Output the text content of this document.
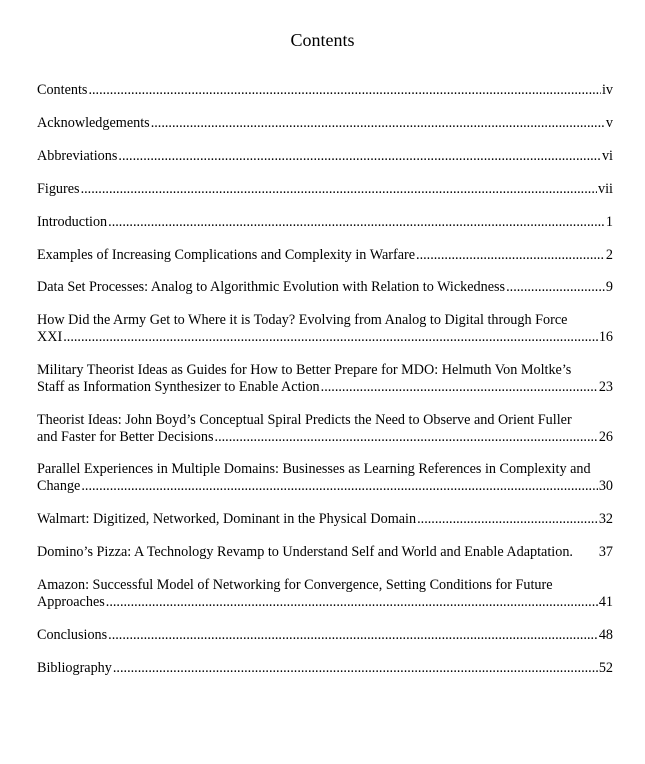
Contents
Contents .....	iv
Acknowledgements .....	v
Abbreviations .....	vi
Figures .....	vii
Introduction .....	1
Examples of Increasing Complications and Complexity in Warfare .....	2
Data Set Processes: Analog to Algorithmic Evolution with Relation to Wickedness .....	9
How Did the Army Get to Where it is Today? Evolving from Analog to Digital through Force
XXI .....	16
Military Theorist Ideas as Guides for How to Better Prepare for MDO: Helmuth Von Moltke’s
Staff as Information Synthesizer to Enable Action .....	23
Theorist Ideas: John Boyd’s Conceptual Spiral Predicts the Need to Observe and Orient Fuller
and Faster for Better Decisions .....	26
Parallel Experiences in Multiple Domains: Businesses as Learning References in Complexity and
Change .....	30
Walmart: Digitized, Networked, Dominant in the Physical Domain .....	32
Domino’s Pizza: A Technology Revamp to Understand Self and World and Enable Adaptation. 37
Amazon: Successful Model of Networking for Convergence, Setting Conditions for Future
Approaches .....	41
Conclusions .....	48
Bibliography .....	52
